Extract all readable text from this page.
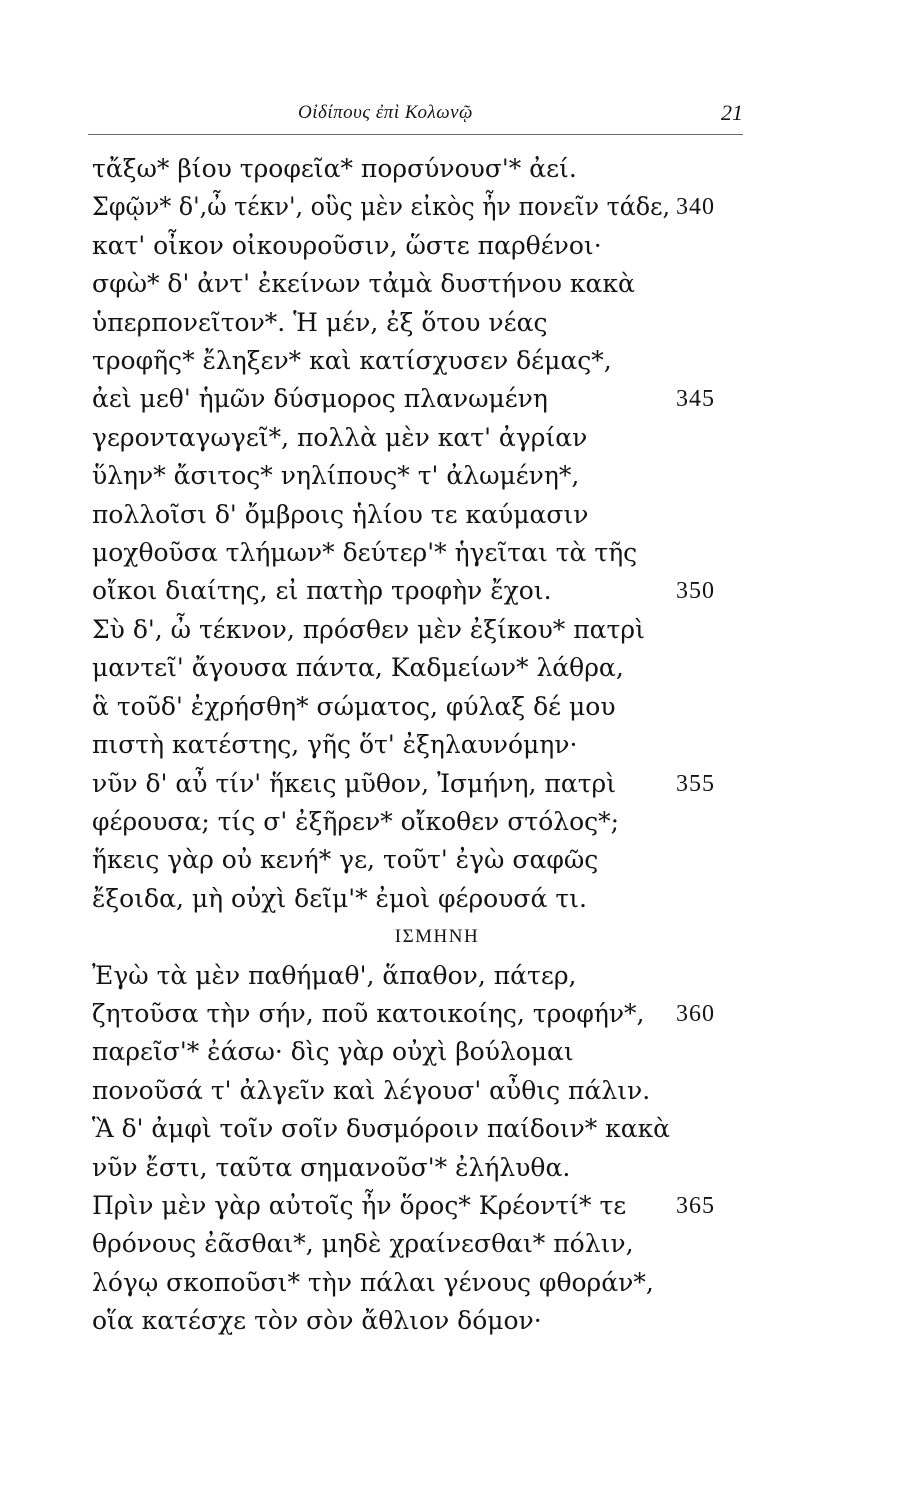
Οἰδίπους ἐπὶ Κολωνῷ	21
τἄξω* βίου τροφεῖα* πορσύνουσ'* ἀεί.
Σφῷν* δ',ὦ τέκν', οὓς μὲν εἰκὸς ἦν πονεῖν τάδε, 340
κατ' οἶκον οἰκουροῦσιν, ὥστε παρθένοι·
σφὼ* δ' ἀντ' ἐκείνων τἀμὰ δυστήνου κακὰ
ὑπερπονεῖτον*. Ἡ μέν, ἐξ ὅτου νέας
τροφῆς* ἔληξεν* καὶ κατίσχυσεν δέμας*,
ἀεὶ μεθ' ἡμῶν δύσμορος πλανωμένη	345
γερονταγωγεῖ*, πολλὰ μὲν κατ' ἀγρίαν
ὕλην* ἄσιτος* νηλίπους* τ' ἀλωμένη*,
πολλοῖσι δ' ὄμβροις ἡλίου τε καύμασιν
μοχθοῦσα τλήμων* δεύτερ'* ἡγεῖται τὰ τῆς
οἴκοι διαίτης, εἰ πατὴρ τροφὴν ἔχοι.	350
Σὺ δ', ὦ τέκνον, πρόσθεν μὲν ἐξίκου* πατρὶ
μαντεῖ' ἄγουσα πάντα, Καδμείων* λάθρα,
ἃ τοῦδ' ἐχρήσθη* σώματος, φύλαξ δέ μου
πιστὴ κατέστης, γῆς ὅτ' ἐξηλαυνόμην·
νῦν δ' αὖ τίν' ἥκεις μῦθον, Ἰσμήνη, πατρὶ 355
φέρουσα; τίς σ' ἐξῆρεν* οἴκοθεν στόλος*;
ἥκεις γὰρ οὐ κενή* γε, τοῦτ' ἐγὼ σαφῶς
ἔξοιδα, μὴ οὐχὶ δεῖμ'* ἐμοὶ φέρουσά τι.
ΙΣΜΗΝΗ
Ἐγὼ τὰ μὲν παθήμαθ', ἅπαθον, πάτερ,
ζητοῦσα τὴν σήν, ποῦ κατοικοίης, τροφήν*, 360
παρεῖσ'* ἐάσω· δὶς γὰρ οὐχὶ βούλομαι
πονοῦσά τ' ἀλγεῖν καὶ λέγουσ' αὖθις πάλιν.
Ἃ δ' ἀμφὶ τοῖν σοῖν δυσμόροιν παίδοιν* κακὰ
νῦν ἔστι, ταῦτα σημανοῦσ'* ἐλήλυθα.
Πρὶν μὲν γὰρ αὐτοῖς ἦν ὅρος* Κρέοντί* τε 365
θρόνους ἐᾶσθαι*, μηδὲ χραίνεσθαι* πόλιν,
λόγῳ σκοποῦσι* τὴν πάλαι γένους φθοράν*,
οἵα κατέσχε τὸν σὸν ἄθλιον δόμον·
